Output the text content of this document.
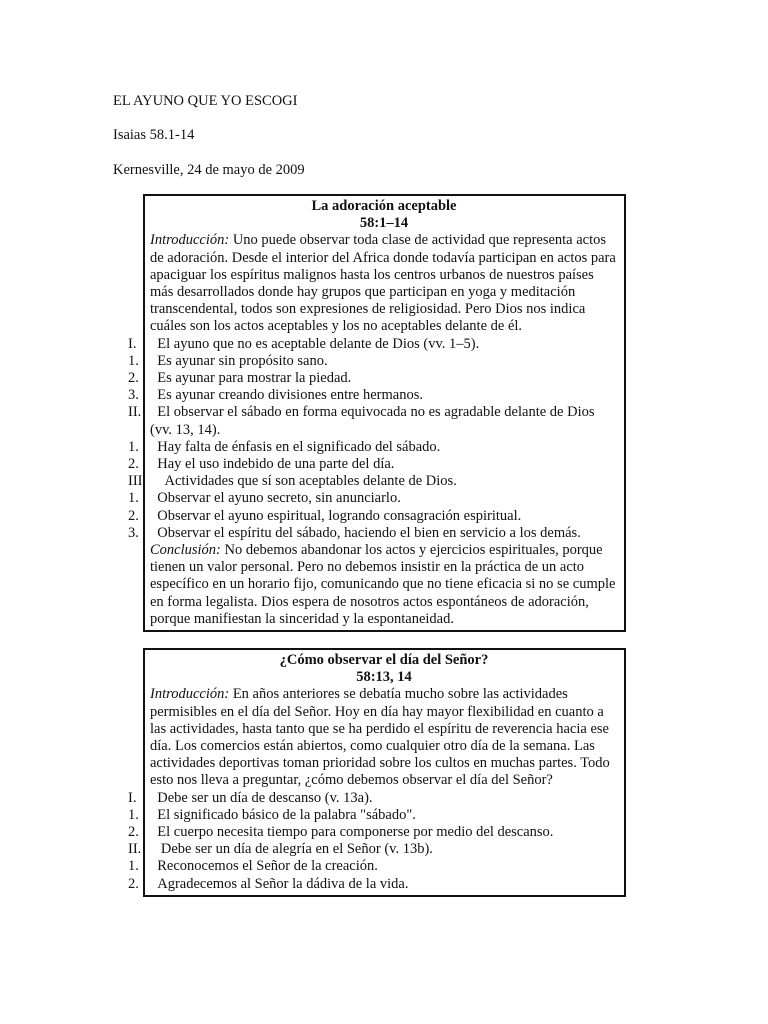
EL AYUNO QUE YO ESCOGI

Isaias 58.1-14

Kernesville, 24 de mayo de 2009

La adoración aceptable

58:1–14

Introducción: Uno puede observar toda clase de actividad que representa actos de adoración. Desde el interior del Africa donde todavía participan en actos para apaciguar los espíritus malignos hasta los centros urbanos de nuestros países más desarrollados donde hay grupos que participan en yoga y meditación transcendental, todos son expresiones de religiosidad. Pero Dios nos indica cuáles son los actos aceptables y los no aceptables delante de él.

I. El ayuno que no es aceptable delante de Dios (vv. 1–5).

1. Es ayunar sin propósito sano.

2. Es ayunar para mostrar la piedad.

3. Es ayunar creando divisiones entre hermanos.

II. El observar el sábado en forma equivocada no es agradable delante de Dios (vv. 13, 14).

1. Hay falta de énfasis en el significado del sábado.

2. Hay el uso indebido de una parte del día.

III Actividades que sí son aceptables delante de Dios.

1. Observar el ayuno secreto, sin anunciarlo.

2. Observar el ayuno espiritual, logrando consagración espiritual.

3. Observar el espíritu del sábado, haciendo el bien en servicio a los demás.

Conclusión: No debemos abandonar los actos y ejercicios espirituales, porque tienen un valor personal. Pero no debemos insistir en la práctica de un acto específico en un horario fijo, comunicando que no tiene eficacia si no se cumple en forma legalista. Dios espera de nosotros actos espontáneos de adoración, porque manifiestan la sinceridad y la espontaneidad.

¿Cómo observar el día del Señor?

58:13, 14

Introducción: En años anteriores se debatía mucho sobre las actividades permisibles en el día del Señor. Hoy en día hay mayor flexibilidad en cuanto a las actividades, hasta tanto que se ha perdido el espíritu de reverencia hacia ese día. Los comercios están abiertos, como cualquier otro día de la semana. Las actividades deportivas toman prioridad sobre los cultos en muchas partes. Todo esto nos lleva a preguntar, ¿cómo debemos observar el día del Señor?

I. Debe ser un día de descanso (v. 13a).

1. El significado básico de la palabra "sábado".

2. El cuerpo necesita tiempo para componerse por medio del descanso.

II. Debe ser un día de alegría en el Señor (v. 13b).

1. Reconocemos el Señor de la creación.

2. Agradecemos al Señor la dádiva de la vida.
